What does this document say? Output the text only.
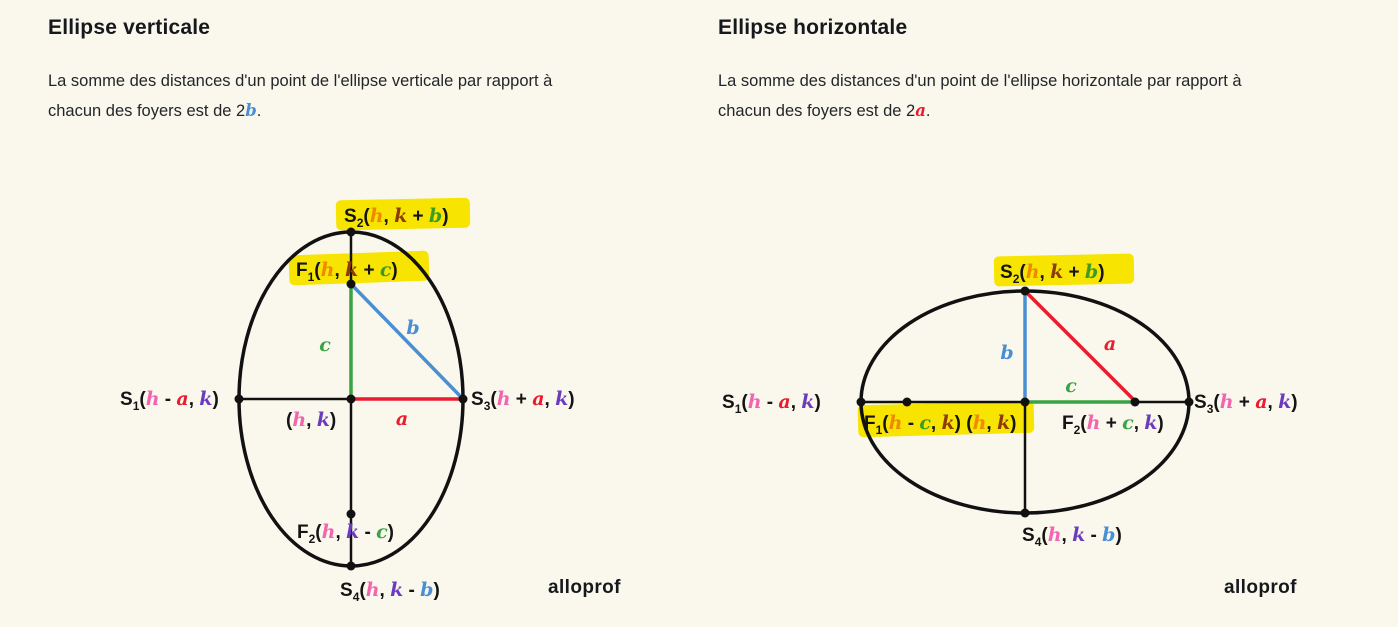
Ellipse verticale	Ellipse horizontale

La somme des distances d'un point de l'ellipse verticale par rapport à
chacun des foyers est de 2b.

La somme des distances d'un point de l'ellipse horizontale par rapport à
chacun des foyers est de 2a.

$S_2(h$, k + b)
$F_1(h$, k + c)
$S_1(h$ - a, k)
(h, k)
$S_3(h + a$, k)
$F_2(h$, k - c)
$S_4(h$, k - b)
c
b
a
$S_2(h$, k + b)
$S_1(h$ - a, k)
$F_1(h$ - c, k) (h, k) $F_2(h + c$, k)
$S_3(h + a$, k)
$S_4(h$, k - b)
b	a
c
alloprof	alloprof
